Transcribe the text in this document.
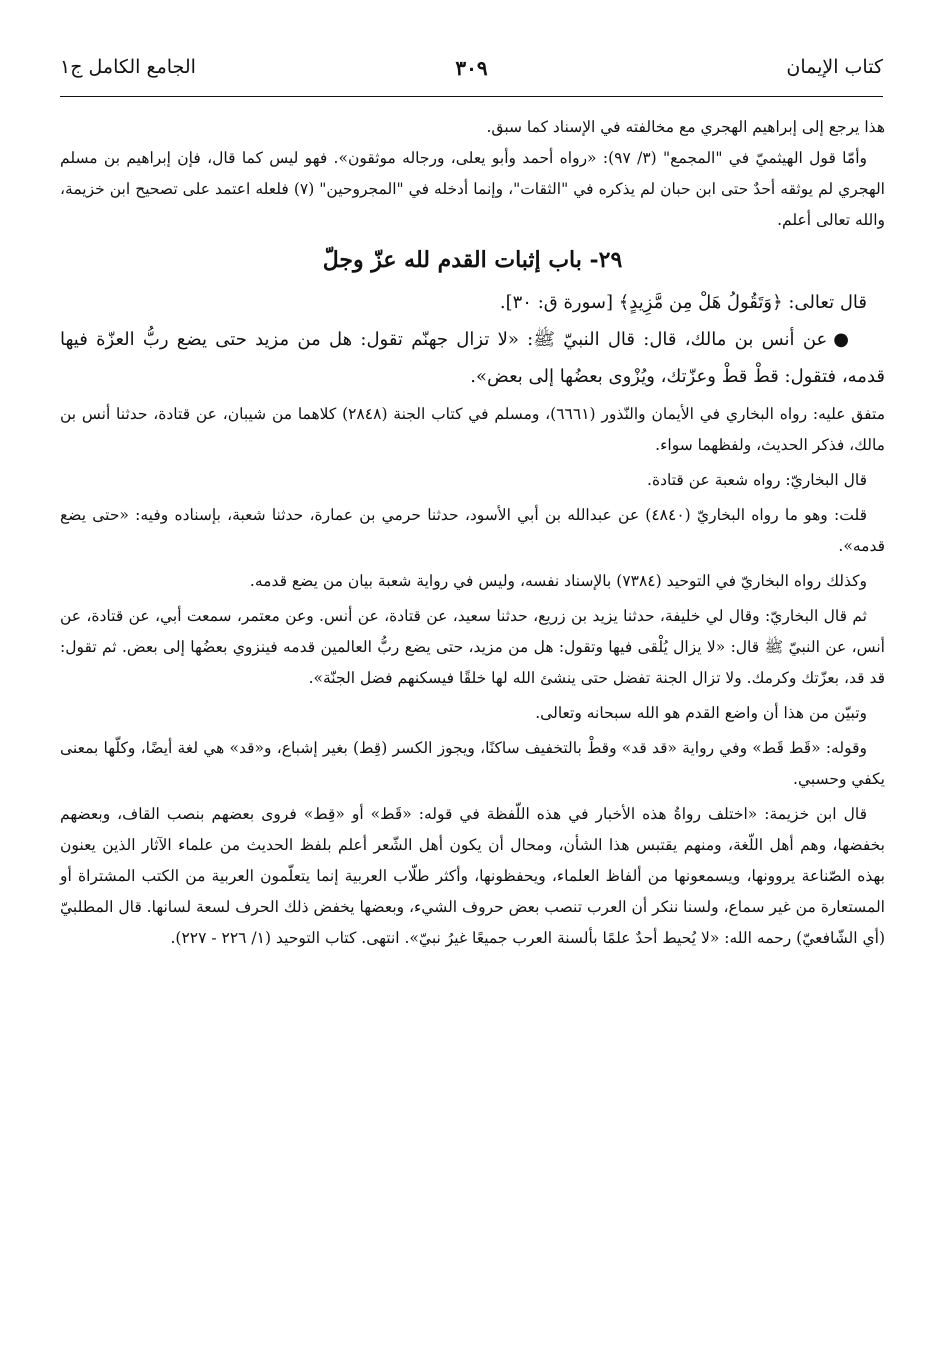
كتاب الإيمان
٣٠٩
الجامع الكامل ج١

هذا يرجع إلى إبراهيم الهجري مع مخالفته في الإسناد كما سبق.

وأمّا قول الهيثميّ في "المجمع" (٣/ ٩٧): «رواه أحمد وأبو يعلى، ورجاله موثقون». فهو ليس كما قال، فإن إبراهيم بن مسلم الهجري لم يوثقه أحدٌ حتى ابن حبان لم يذكره في "الثقات"، وإنما أدخله في "المجروحين" (٧) فلعله اعتمد على تصحيح ابن خزيمة، والله تعالى أعلم.

٢٩- باب إثبات القدم لله عزّ وجلّ

قال تعالى: ﴿وَتَقُولُ هَلْ مِن مَّزِيدٍ﴾ [سورة ق: ٣٠].

●عن أنس بن مالك، قال: قال النبيّ ﷺ: «لا تزال جهنّم تقول: هل من مزيد حتى يضع ربُّ العزّة فيها قدمه، فتقول: قطْ قطْ وعزّتك، ويُزْوى بعضُها إلى بعض».

متفق عليه: رواه البخاري في الأيمان والنّذور (٦٦٦١)، ومسلم في كتاب الجنة (٢٨٤٨) كلاهما من شيبان، عن قتادة، حدثنا أنس بن مالك، فذكر الحديث، ولفظهما سواء.

قال البخاريّ: رواه شعبة عن قتادة.

قلت: وهو ما رواه البخاريّ (٤٨٤٠) عن عبدالله بن أبي الأسود، حدثنا حرمي بن عمارة، حدثنا شعبة، بإسناده وفيه: «حتى يضع قدمه».

وكذلك رواه البخاريّ في التوحيد (٧٣٨٤) بالإسناد نفسه، وليس في رواية شعبة بيان من يضع قدمه.

ثم قال البخاريّ: وقال لي خليفة، حدثنا يزيد بن زريع، حدثنا سعيد، عن قتادة، عن أنس. وعن معتمر، سمعت أبي، عن قتادة، عن أنس، عن النبيّ ﷺ قال: «لا يزال يُلْقى فيها وتقول: هل من مزيد، حتى يضع ربُّ العالمين قدمه فينزوي بعضُها إلى بعض. ثم تقول: قد قد، بعزّتك وكرمك. ولا تزال الجنة تفضل حتى ينشئ الله لها خلقًا فيسكنهم فضل الجنّة».

وتبيّن من هذا أن واضع القدم هو الله سبحانه وتعالى.

وقوله: «قَط قَط» وفي رواية «قد قد» وقطْ بالتخفيف ساكنًا، ويجوز الكسر (قِط) بغير إشباع، و«قد» هي لغة أيضًا، وكلّها بمعنى يكفي وحسبي.

قال ابن خزيمة: «اختلف رواةُ هذه الأخبار في هذه اللّفظة في قوله: «قَط» أو «قِط» فروى بعضهم بنصب القاف، وبعضهم بخفضها، وهم أهل اللّغة، ومنهم يقتبس هذا الشأن، ومحال أن يكون أهل الشّعر أعلم بلفظ الحديث من علماء الآثار الذين يعنون بهذه الصّناعة يروونها، ويسمعونها من ألفاظ العلماء، ويحفظونها، وأكثر طلّاب العربية إنما يتعلّمون العربية من الكتب المشتراة أو المستعارة من غير سماع، ولسنا ننكر أن العرب تنصب بعض حروف الشيء، وبعضها يخفض ذلك الحرف لسعة لسانها. قال المطلبيّ (أي الشّافعيّ) رحمه الله: «لا يُحيط أحدٌ علمًا بألسنة العرب جميعًا غيرُ نبيّ». انتهى. كتاب التوحيد (١/ ٢٢٦ - ٢٢٧).
